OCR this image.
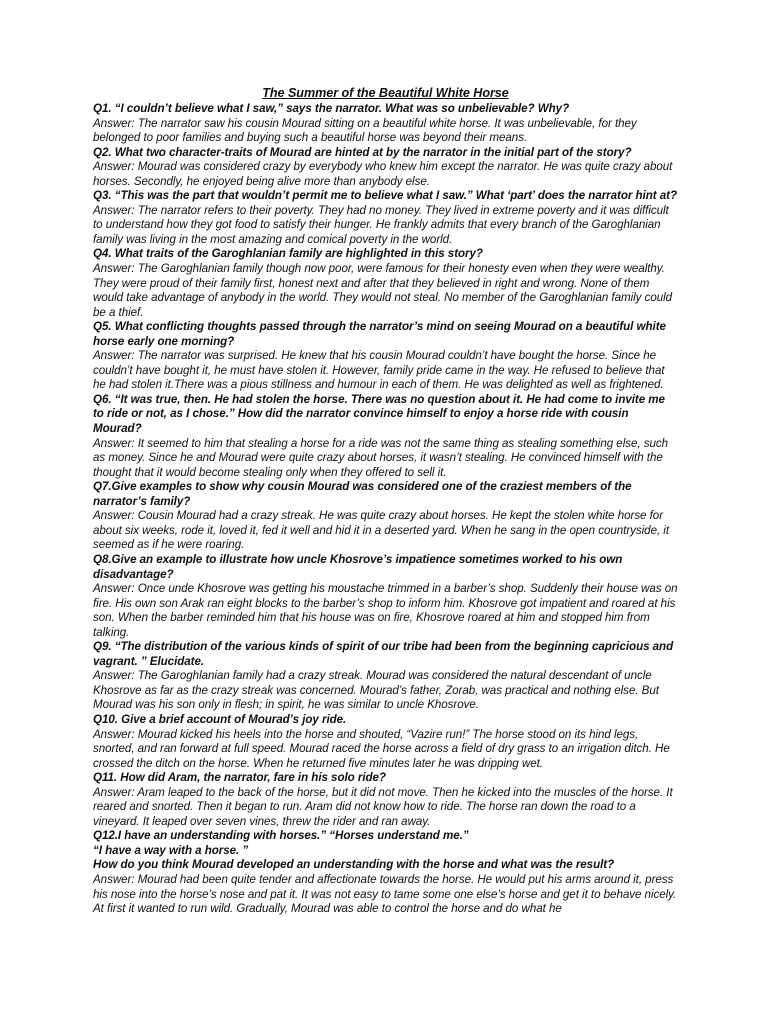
The Summer of the Beautiful White Horse

Q1. “I couldn’t believe what I saw,” says the narrator. What was so unbelievable? Why?

Answer: The narrator saw his cousin Mourad sitting on a beautiful white horse. It was unbelievable, for they belonged to poor families and buying such a beautiful horse was beyond their means.

Q2. What two character-traits of Mourad are hinted at by the narrator in the initial part of the story?

Answer: Mourad was considered crazy by everybody who knew him except the narrator. He was quite crazy about horses. Secondly, he enjoyed being alive more than anybody else.

Q3. “This was the part that wouldn’t permit me to believe what I saw.” What ‘part’ does the narrator hint at?

Answer: The narrator refers to their poverty. They had no money. They lived in extreme poverty and it was difficult to understand how they got food to satisfy their hunger. He frankly admits that every branch of the Garoghlanian family was living in the most amazing and comical poverty in the world.

Q4. What traits of the Garoghlanian family are highlighted in this story?

Answer: The Garoghlanian family though now poor, were famous for their honesty even when they were wealthy. They were proud of their family first, honest next and after that they believed in right and wrong. None of them would take advantage of anybody in the world. They would not steal. No member of the Garoghlanian family could be a thief.

Q5. What conflicting thoughts passed through the narrator’s mind on seeing Mourad on a beautiful white horse early one morning?

Answer: The narrator was surprised. He knew that his cousin Mourad couldn’t have bought the horse. Since he couldn’t have bought it, he must have stolen it. However, family pride came in the way. He refused to believe that he had stolen it.There was a pious stillness and humour in each of them. He was delighted as well as frightened.

Q6. “It was true, then. He had stolen the horse. There was no question about it. He had come to invite me to ride or not, as I chose.” How did the narrator convince himself to enjoy a horse ride with cousin Mourad?

Answer: It seemed to him that stealing a horse for a ride was not the same thing as stealing something else, such as money. Since he and Mourad were quite crazy about horses, it wasn’t stealing. He convinced himself with the thought that it would become stealing only when they offered to sell it.

Q7.Give examples to show why cousin Mourad was considered one of the craziest members of the narrator’s family?

Answer: Cousin Mourad had a crazy streak. He was quite crazy about horses. He kept the stolen white horse for about six weeks, rode it, loved it, fed it well and hid it in a deserted yard. When he sang in the open countryside, it seemed as if he were roaring.

Q8.Give an example to illustrate how uncle Khosrove’s impatience sometimes worked to his own disadvantage?

Answer: Once unde Khosrove was getting his moustache trimmed in a barber’s shop. Suddenly their house was on fire. His own son Arak ran eight blocks to the barber’s shop to inform him. Khosrove got impatient and roared at his son. When the barber reminded him that his house was on fire, Khosrove roared at him and stopped him from talking.

Q9. “The distribution of the various kinds of spirit of our tribe had been from the beginning capricious and vagrant. ” Elucidate.

Answer: The Garoghlanian family had a crazy streak. Mourad was considered the natural descendant of uncle Khosrove as far as the crazy streak was concerned. Mourad’s father, Zorab, was practical and nothing else. But Mourad was his son only in flesh; in spirit, he was similar to uncle Khosrove.

Q10. Give a brief account of Mourad’s joy ride.

Answer: Mourad kicked his heels into the horse and shouted, “Vazire run!” The horse stood on its hind legs, snorted, and ran forward at full speed. Mourad raced the horse across a field of dry grass to an irrigation ditch. He crossed the ditch on the horse. When he returned five minutes later he was dripping wet.

Q11. How did Aram, the narrator, fare in his solo ride?

Answer: Aram leaped to the back of the horse, but it did not move. Then he kicked into the muscles of the horse. It reared and snorted. Then it began to run. Aram did not know how to ride. The horse ran down the road to a vineyard. It leaped over seven vines, threw the rider and ran away.

Q12.I have an understanding with horses.” “Horses understand me.”

“I have a way with a horse. ”

How do you think Mourad developed an understanding with the horse and what was the result?

Answer: Mourad had been quite tender and affectionate towards the horse. He would put his arms around it, press his nose into the horse’s nose and pat it. It was not easy to tame some one else’s horse and get it to behave nicely. At first it wanted to run wild. Gradually, Mourad was able to control the horse and do what he
